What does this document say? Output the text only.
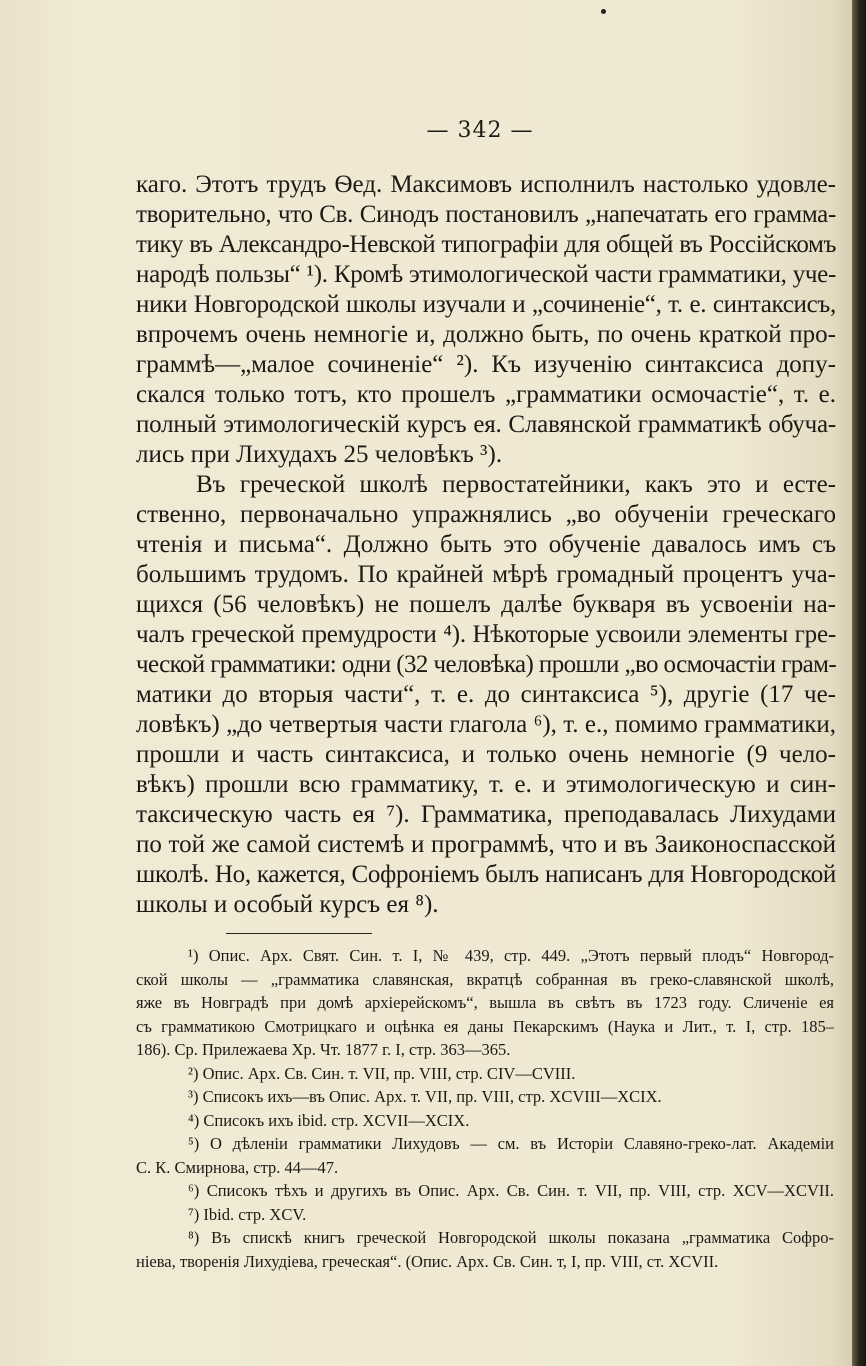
— 342 —
каго. Этотъ трудъ Ѳед. Максимовъ исполнилъ настолько удовле-
творительно, что Св. Синодъ постановилъ „напечатать его грамма-
тику въ Александро-Невской типографіи для общей въ Россійскомъ
народѣ пользы“ ¹). Кромѣ этимологической части грамматики, уче-
ники Новгородской школы изучали и „сочиненіе“, т. е. синтаксисъ,
впрочемъ очень немногіе и, должно быть, по очень краткой про-
граммѣ—„малое сочиненіе“ ²). Къ изученію синтаксиса допу-
скался только тотъ, кто прошелъ „грамматики осмочастіе“, т. е.
полный этимологическій курсъ ея. Славянской грамматикѣ обуча-
лись при Лихудахъ 25 человѣкъ ³).
Въ греческой школѣ первостатейники, какъ это и есте-
ственно, первоначально упражнялись „во обученіи греческаго
чтенія и письма“. Должно быть это обученіе давалось имъ съ
большимъ трудомъ. По крайней мѣрѣ громадный процентъ уча-
щихся (56 человѣкъ) не пошелъ далѣе букваря въ усвоеніи на-
чалъ греческой премудрости ⁴). Нѣкоторые усвоили элементы гре-
ческой грамматики: одни (32 человѣка) прошли „во осмочастіи грам-
матики до вторыя части“, т. е. до синтаксиса ⁵), другіе (17 че-
ловѣкъ) „до четвертыя части глагола ⁶), т. е., помимо грамматики,
прошли и часть синтаксиса, и только очень немногіе (9 чело-
вѣкъ) прошли всю грамматику, т. е. и этимологическую и син-
таксическую часть ея ⁷). Грамматика, преподавалась Лихудами
по той же самой системѣ и программѣ, что и въ Заиконоспасской
школѣ. Но, кажется, Софроніемъ былъ написанъ для Новгородской
школы и особый курсъ ея ⁸).
¹) Опис. Арх. Свят. Син. т. I, № 439, стр. 449. „Этотъ первый плодъ“ Новгород-
ской школы — „грамматика славянская, вкратцѣ собранная въ греко-славянской школѣ,
яже въ Новградѣ при домѣ архіерейскомъ“, вышла въ свѣтъ въ 1723 году. Сличеніе ея
съ грамматикою Смотрицкаго и оцѣнка ея даны Пекарскимъ (Наука и Лит., т. I, стр. 185–
186). Ср. Прилежаева Хр. Чт. 1877 г. I, стр. 363—365.
²) Опис. Арх. Св. Син. т. VII, пр. VIII, стр. CIV—CVIII.
³) Списокъ ихъ—въ Опис. Арх. т. VII, пр. VIII, стр. XCVIII—XCIX.
⁴) Списокъ ихъ ibid. стр. XCVII—XCIX.
⁵) О дѣленіи грамматики Лихудовъ — см. въ Исторіи Славяно-греко-лат. Академіи
С. К. Смирнова, стр. 44—47.
⁶) Списокъ тѣхъ и другихъ въ Опис. Арх. Св. Син. т. VII, пр. VIII, стр. XCV—XCVII.
⁷) Ibid. стр. XCV.
⁸) Въ спискѣ книгъ греческой Новгородской школы показана „грамматика Софро-
ніева, творенія Лихудіева, греческая“. (Опис. Арх. Св. Син. т, I, пр. VIII, ст. XCVII.
